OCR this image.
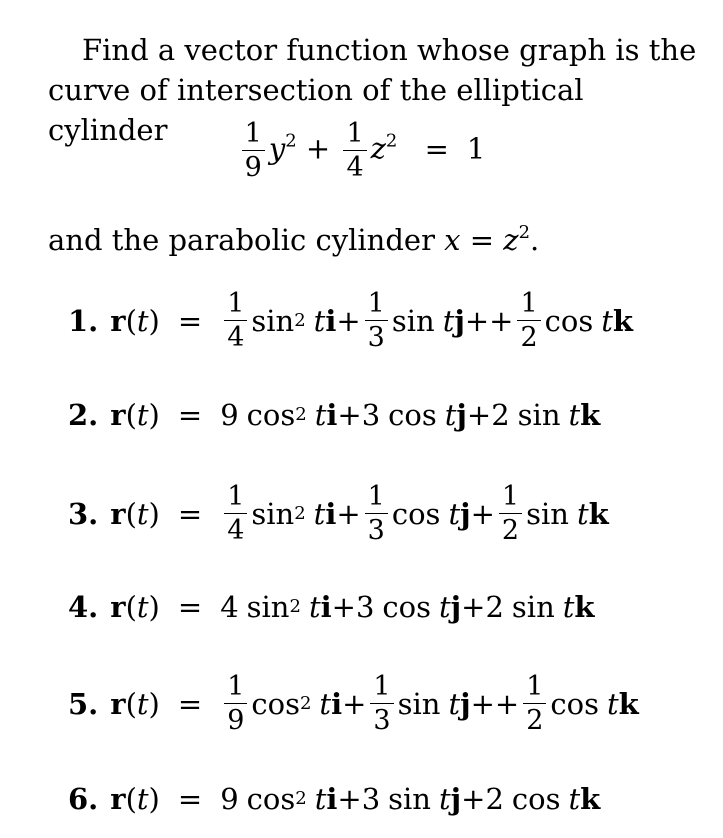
Find a vector function whose graph is the
curve of intersection of the elliptical cylinder	$\frac{1}{9} y^2 + \frac{1}{4} z^2 = 1$
and the parabolic cylinder $x = z^2$.
1. r ( t ) = $\frac{1}{4}$ sin 2 t $i + \frac{1}{3}$ sin t $j ++ \frac{1}{2}$ cos t k
2. r ( t ) = 9 cos 2 t i + 3 cos t j + 2 sin t k
3. r ( t ) = $\frac{1}{4}$ sin 2 t $i + \frac{1}{3}$ cos t $j + \frac{1}{2}$ sin t k
4. r ( t ) = 4 sin 2 t i + 3 cos t j + 2 sin t k
5. r ( t ) = $\frac{1}{9}$ cos 2 t $i + \frac{1}{3}$ sin t $j ++ \frac{1}{2}$ cos t k
6. r ( t ) = 9 cos 2 t i + 3 sin t j + 2 cos t k
